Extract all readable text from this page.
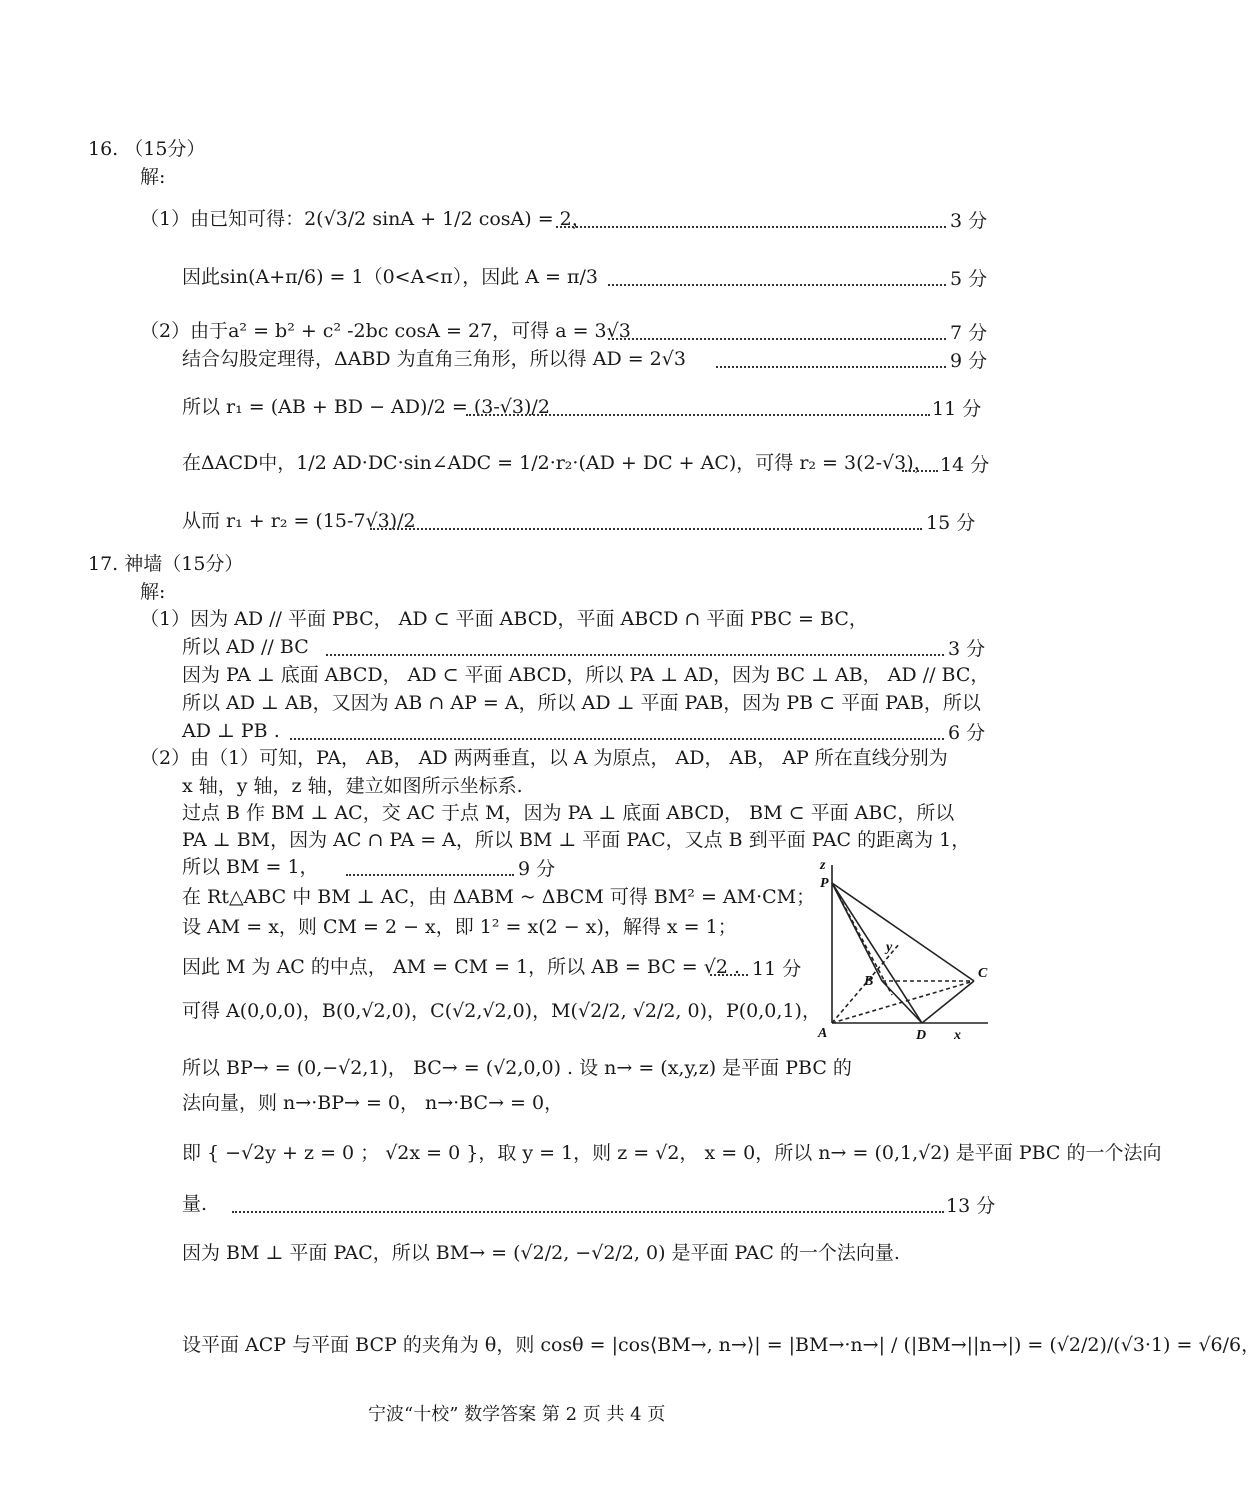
16. （15分）
解:
（1）由已知可得：2(√3/2 sinA + 1/2 cosA) = 2，	3 分
因此sin(A+π/6) = 1（0<A<π），因此 A = π/3	5 分
（2）由于a² = b² + c² -2bc cosA = 27，可得 a = 3√3	7 分
结合勾股定理得，ΔABD 为直角三角形，所以得 AD = 2√3	9 分
所以 r₁ = (AB + BD − AD)/2 = (3-√3)/2	11 分
在ΔACD中，1/2 AD·DC·sin∠ADC = 1/2·r₂·(AD + DC + AC)，可得 r₂ = 3(2-√3)， 14 分
从而 r₁ + r₂ = (15-7√3)/2	15 分
17. 神墙（15分）
解:
（1）因为 AD // 平面 PBC， AD ⊂ 平面 ABCD，平面 ABCD ∩ 平面 PBC = BC，
所以 AD // BC	3 分
因为 PA ⊥ 底面 ABCD， AD ⊂ 平面 ABCD，所以 PA ⊥ AD，因为 BC ⊥ AB， AD // BC，
所以 AD ⊥ AB，又因为 AB ∩ AP = A，所以 AD ⊥ 平面 PAB，因为 PB ⊂ 平面 PAB，所以
AD ⊥ PB .	6 分
（2）由（1）可知，PA， AB， AD 两两垂直，以 A 为原点， AD， AB， AP 所在直线分别为
x 轴，y 轴，z 轴，建立如图所示坐标系.
过点 B 作 BM ⊥ AC，交 AC 于点 M，因为 PA ⊥ 底面 ABCD， BM ⊂ 平面 ABC，所以
PA ⊥ BM，因为 AC ∩ PA = A，所以 BM ⊥ 平面 PAC，又点 B 到平面 PAC 的距离为 1，
所以 BM = 1，	9 分
在 Rt△ABC 中 BM ⊥ AC，由 ΔABM ~ ΔBCM 可得 BM² = AM·CM；
设 AM = x，则 CM = 2 − x，即 1² = x(2 − x)，解得 x = 1；
因此 M 为 AC 的中点， AM = CM = 1，所以 AB = BC = √2 . 11 分
可得 A(0,0,0)，B(0,√2,0)，C(√2,√2,0)，M(√2/2, √2/2, 0)，P(0,0,1)，
所以 BP→ = (0,−√2,1)， BC→ = (√2,0,0) . 设 n→ = (x,y,z) 是平面 PBC 的
法向量，则 n→·BP→ = 0， n→·BC→ = 0，
即 { −√2y + z = 0 ； √2x = 0 }，取 y = 1，则 z = √2， x = 0，所以 n→ = (0,1,√2) 是平面 PBC 的一个法向
量.	13 分
因为 BM ⊥ 平面 PAC，所以 BM→ = (√2/2, −√2/2, 0) 是平面 PAC 的一个法向量.
设平面 ACP 与平面 BCP 的夹角为 θ，则 cosθ = |cos⟨BM→, n→⟩| = |BM→·n→| / (|BM→||n→|) = (√2/2)/(√3·1) = √6/6，
z
P
y
B
C
A	D x
宁波“十校” 数学答案 第 2 页 共 4 页
